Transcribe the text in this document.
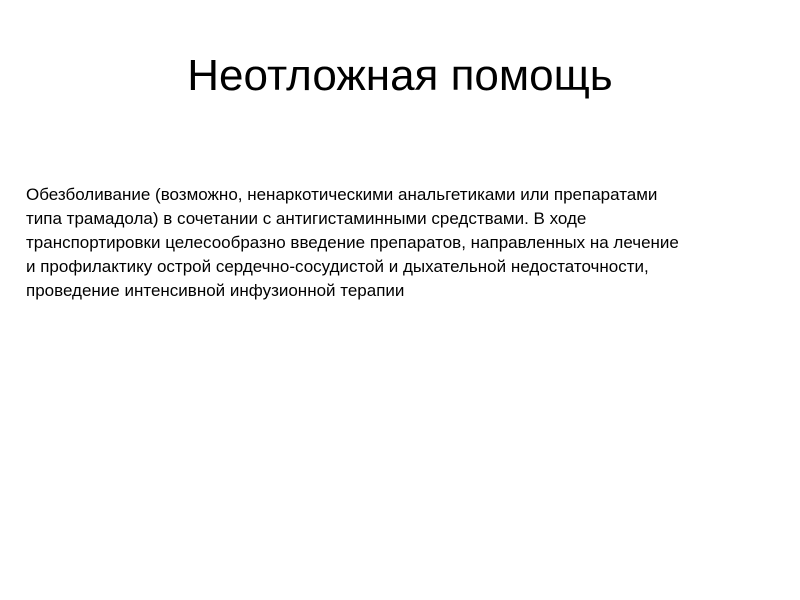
Неотложная помощь
Обезболивание (возможно, ненаркотическими анальгетиками или препаратами
типа трамадола) в сочетании с антигистаминными средствами. В ходе
транспортировки целесообразно введение препаратов, направленных на лечение
и профилактику острой сердечно-сосудистой и дыхательной недостаточности,
проведение интенсивной инфузионной терапии
